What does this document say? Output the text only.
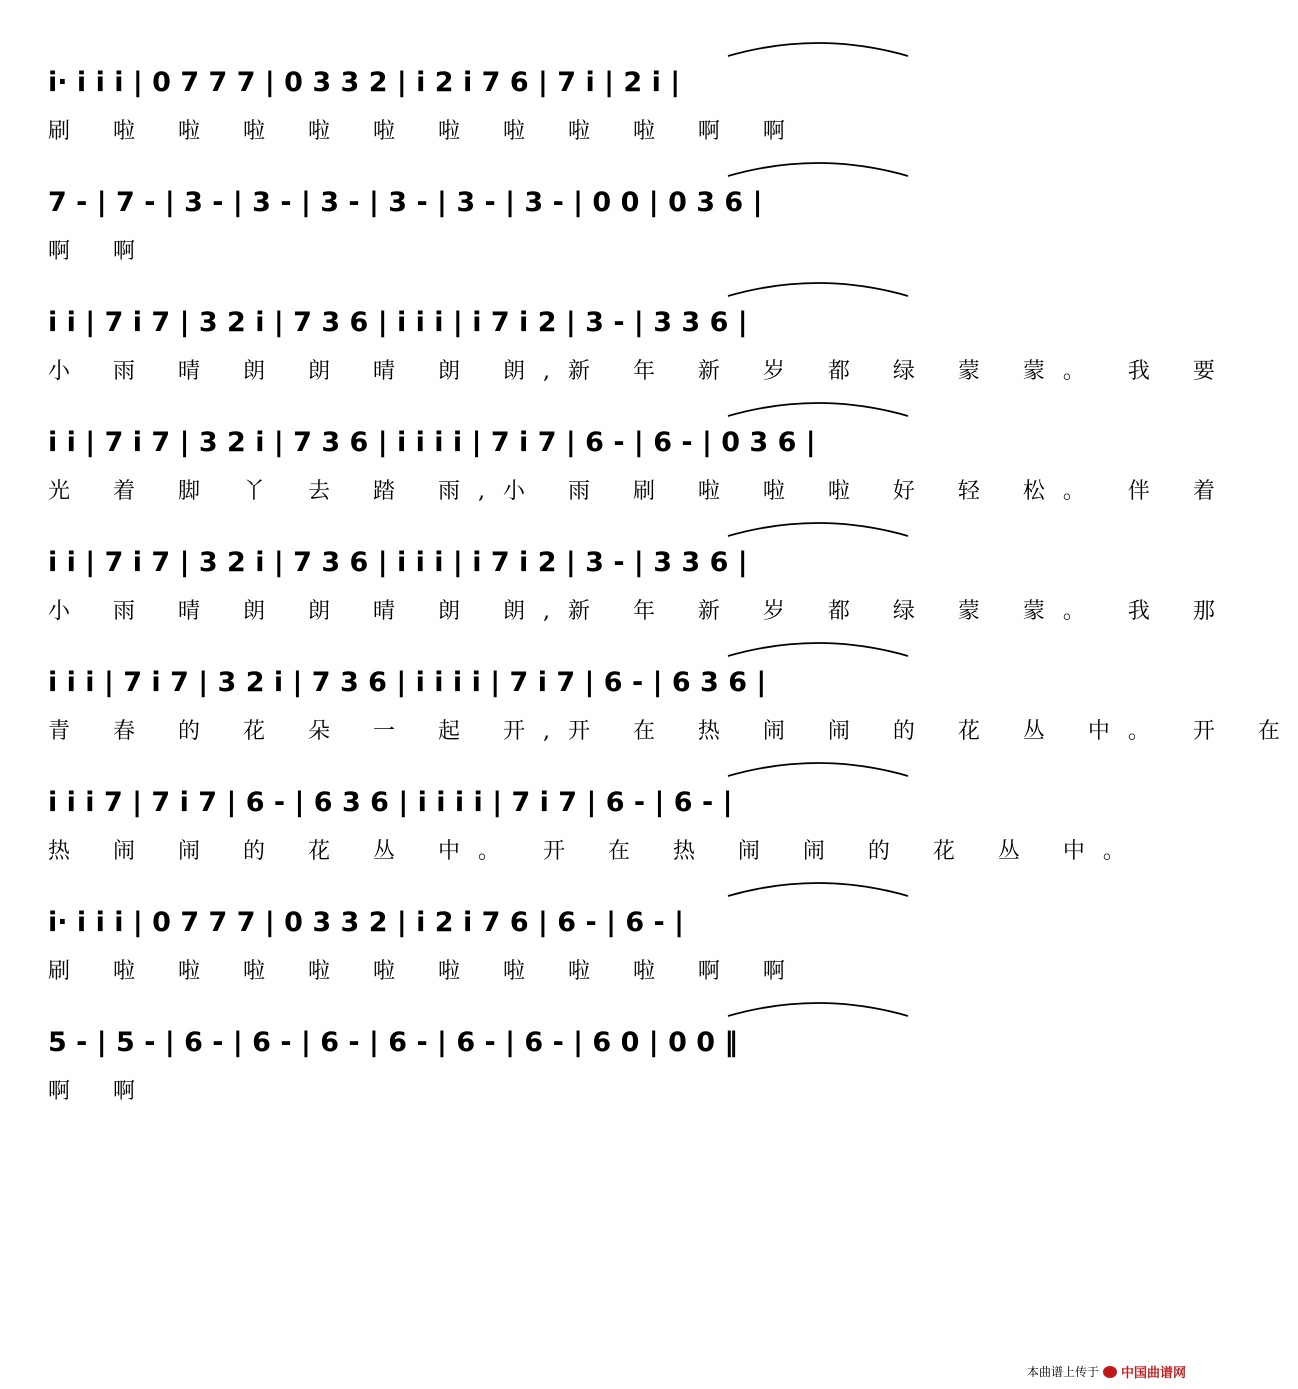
i· i i i | 0 7 7 7 | 0 3 3 2 | i 2 i 7 6 | 7 i | 2 i |
刷 啦 啦 啦 啦 啦 啦 啦 啦 啦 啊 啊
7 - | 7 - | 3 - | 3 - | 3 - | 3 - | 3 - | 3 - | 0 0 | 0 3 6 |
啊 啊
i i | 7 i 7 | 3 2 i | 7 3 6 | i i i | i 7 i 2 | 3 - | 3 3 6 |
小 雨 晴 朗 朗 晴 朗 朗,新 年 新 岁 都 绿 蒙 蒙。 我 要
i i | 7 i 7 | 3 2 i | 7 3 6 | i i i i | 7 i 7 | 6 - | 6 - | 0 3 6 |
光 着 脚 丫 去 踏 雨,小 雨 刷 啦 啦 啦 好 轻 松。 伴 着
i i | 7 i 7 | 3 2 i | 7 3 6 | i i i | i 7 i 2 | 3 - | 3 3 6 |
小 雨 晴 朗 朗 晴 朗 朗,新 年 新 岁 都 绿 蒙 蒙。 我 那
i i i | 7 i 7 | 3 2 i | 7 3 6 | i i i i | 7 i 7 | 6 - | 6 3 6 |
青 春 的 花 朵 一 起 开,开 在 热 闹 闹 的 花 丛 中。 开 在
i i i 7 | 7 i 7 | 6 - | 6 3 6 | i i i i | 7 i 7 | 6 - | 6 - |
热 闹 闹 的 花 丛 中。 开 在 热 闹 闹 的 花 丛 中。
i· i i i | 0 7 7 7 | 0 3 3 2 | i 2 i 7 6 | 6 - | 6 - |
刷 啦 啦 啦 啦 啦 啦 啦 啦 啦 啊 啊
5 - | 5 - | 6 - | 6 - | 6 - | 6 - | 6 - | 6 - | 6 0 | 0 0 ‖
啊 啊
本曲谱上传于 中国曲谱网
